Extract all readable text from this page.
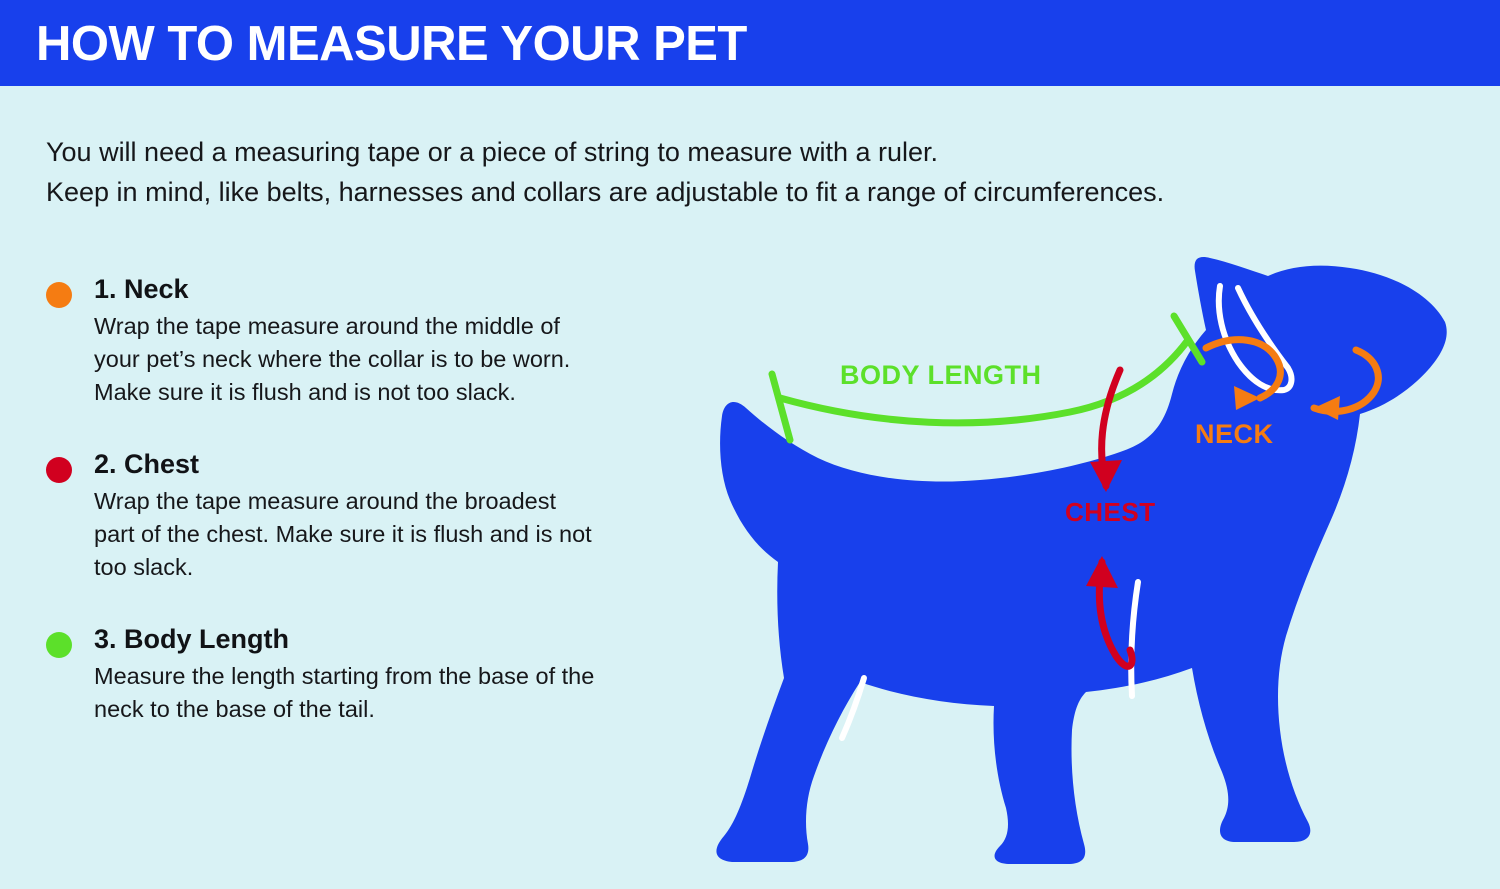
HOW TO MEASURE YOUR PET
You will need a measuring tape or a piece of string to measure with a ruler.
Keep in mind, like belts, harnesses and collars are adjustable to fit a range of circumferences.
1. Neck
Wrap the tape measure around the middle of
your pet’s neck where the collar is to be worn.
Make sure it is flush and is not too slack.
2. Chest
Wrap the tape measure around the broadest
part of the chest. Make sure it is flush and is not
too slack.
3. Body Length
Measure the length starting from the base of the
neck to the base of the tail.
BODY LENGTH
NECK
CHEST
